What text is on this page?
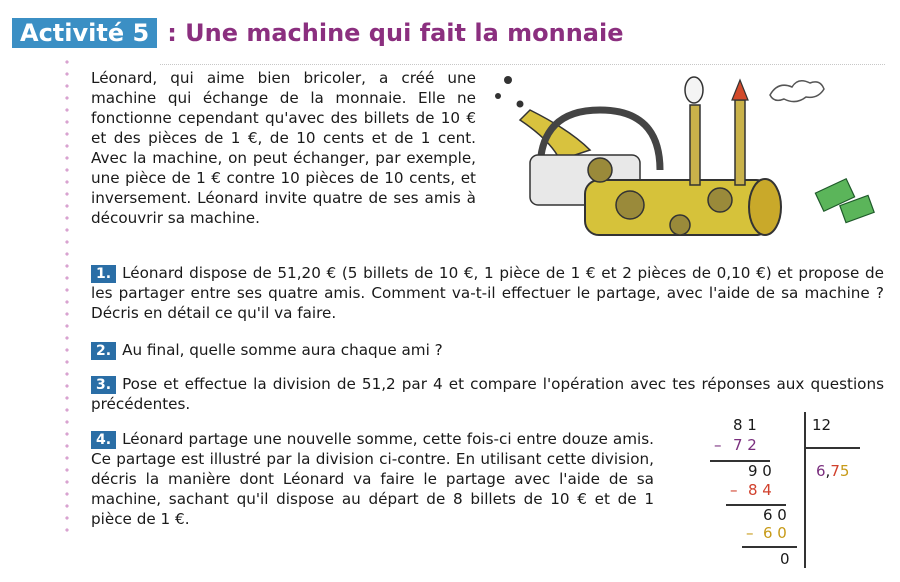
Activité 5 : Une machine qui fait la monnaie
Léonard, qui aime bien bricoler, a créé une machine qui échange de la monnaie. Elle ne fonctionne cependant qu'avec des billets de 10 € et des pièces de 1 €, de 10 cents et de 1 cent. Avec la machine, on peut échanger, par exemple, une pièce de 1 € contre 10 pièces de 10 cents, et inversement. Léonard invite quatre de ses amis à découvrir sa machine.
1. Léonard dispose de 51,20 € (5 billets de 10 €, 1 pièce de 1 € et 2 pièces de 0,10 €) et propose de les partager entre ses quatre amis. Comment va-t-il effectuer le partage, avec l'aide de sa machine ? Décris en détail ce qu'il va faire.
2. Au final, quelle somme aura chaque ami ?
3. Pose et effectue la division de 51,2 par 4 et compare l'opération avec tes réponses aux questions précédentes.
4. Léonard partage une nouvelle somme, cette fois-ci entre douze amis. Ce partage est illustré par la division ci-contre. En utilisant cette division, décris la manière dont Léonard va faire le partage avec l'aide de sa machine, sachant qu'il dispose au départ de 8 billets de 10 € et de 1 pièce de 1 €.
8 1	12
– 7 2
9 0
– 8 4
6 0
– 6 0
0
6,75
